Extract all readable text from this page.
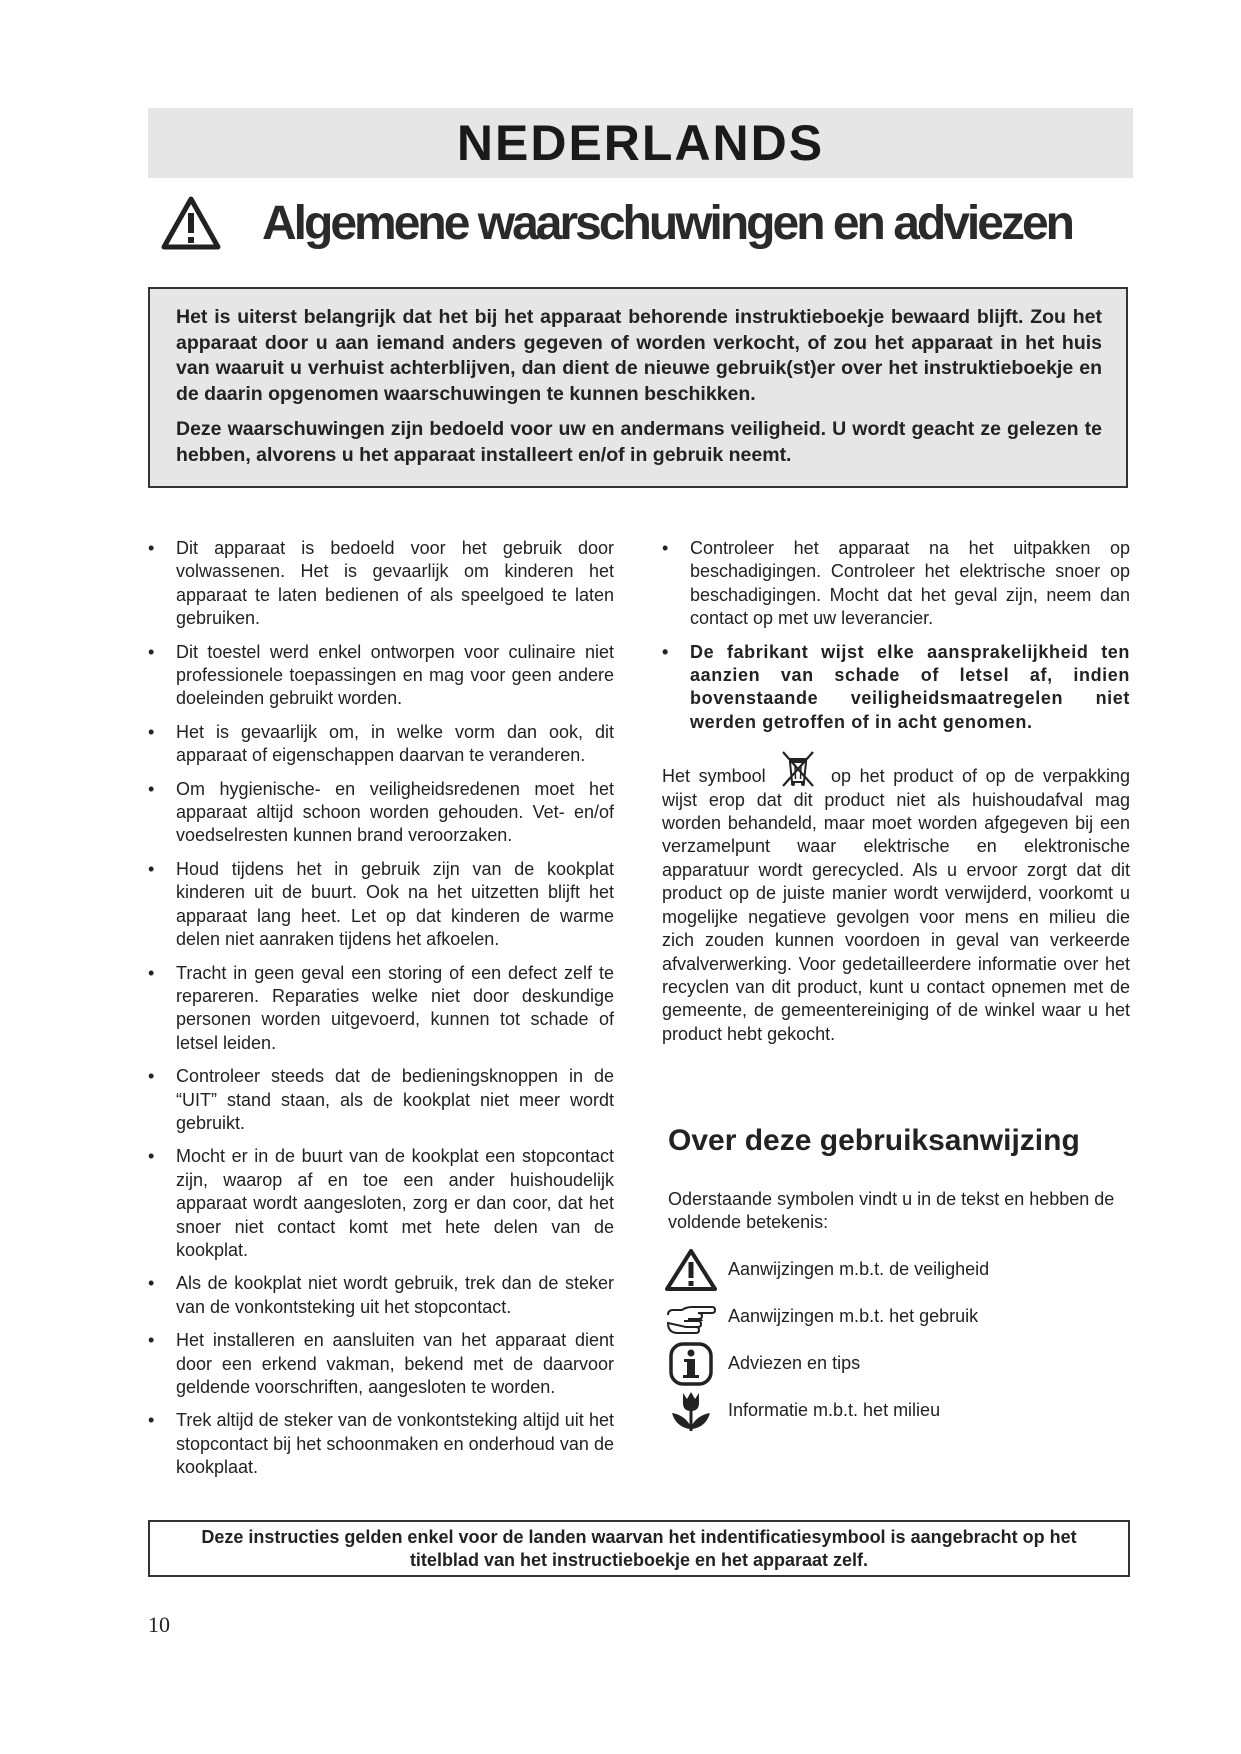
NEDERLANDS
Algemene waarschuwingen en adviezen

Het is uiterst belangrijk dat het bij het apparaat behorende instruktieboekje bewaard blijft. Zou het apparaat door u aan iemand anders gegeven of worden verkocht, of zou het apparaat in het huis van waaruit u verhuist achterblijven, dan dient de nieuwe gebruik(st)er over het instruktieboekje en de daarin opgenomen waarschuwingen te kunnen beschikken.

Deze waarschuwingen zijn bedoeld voor uw en andermans veiligheid. U wordt geacht ze gelezen te hebben, alvorens u het apparaat installeert en/of in gebruik neemt.

• Dit apparaat is bedoeld voor het gebruik door volwassenen. Het is gevaarlijk om kinderen het apparaat te laten bedienen of als speelgoed te laten gebruiken.
• Dit toestel werd enkel ontworpen voor culinaire niet professionele toepassingen en mag voor geen andere doeleinden gebruikt worden.
• Het is gevaarlijk om, in welke vorm dan ook, dit apparaat of eigenschappen daarvan te veranderen.
• Om hygienische- en veiligheidsredenen moet het apparaat altijd schoon worden gehouden. Vet- en/of voedselresten kunnen brand veroorzaken.
• Houd tijdens het in gebruik zijn van de kookplat kinderen uit de buurt. Ook na het uitzetten blijft het apparaat lang heet. Let op dat kinderen de warme delen niet aanraken tijdens het afkoelen.
• Tracht in geen geval een storing of een defect zelf te repareren. Reparaties welke niet door deskundige personen worden uitgevoerd, kunnen tot schade of letsel leiden.
• Controleer steeds dat de bedieningsknoppen in de “UIT” stand staan, als de kookplat niet meer wordt gebruikt.
• Mocht er in de buurt van de kookplat een stopcontact zijn, waarop af en toe een ander huishoudelijk apparaat wordt aangesloten, zorg er dan coor, dat het snoer niet contact komt met hete delen van de kookplat.
• Als de kookplat niet wordt gebruik, trek dan de steker van de vonkontsteking uit het stopcontact.
• Het installeren en aansluiten van het apparaat dient door een erkend vakman, bekend met de daarvoor geldende voorschriften, aangesloten te worden.
• Trek altijd de steker van de vonkontsteking altijd uit het stopcontact bij het schoonmaken en onderhoud van de kookplaat.
• Controleer het apparaat na het uitpakken op beschadigingen. Controleer het elektrische snoer op beschadigingen. Mocht dat het geval zijn, neem dan contact op met uw leverancier.
• De fabrikant wijst elke aansprakelijkheid ten aanzien van schade of letsel af, indien bovenstaande veiligheidsmaatregelen niet werden getroffen of in acht genomen.

Het symbool	op het product of op de verpakking wijst erop dat dit product niet als huishoudafval mag worden behandeld, maar moet worden afgegeven bij een verzamelpunt waar elektrische en elektronische apparatuur wordt gerecycled. Als u ervoor zorgt dat dit product op de juiste manier wordt verwijderd, voorkomt u mogelijke negatieve gevolgen voor mens en milieu die zich zouden kunnen voordoen in geval van verkeerde afvalverwerking. Voor gedetailleerdere informatie over het recyclen van dit product, kunt u contact opnemen met de gemeente, de gemeentereiniging of de winkel waar u het product hebt gekocht.

Over deze gebruiksanwijzing

Oderstaande symbolen vindt u in de tekst en hebben de voldende betekenis:

Aanwijzingen m.b.t. de veiligheid
Aanwijzingen m.b.t. het gebruik
Adviezen en tips
Informatie m.b.t. het milieu
Deze instructies gelden enkel voor de landen waarvan het indentificatiesymbool is aangebracht op het titelblad van het instructieboekje en het apparaat zelf.
10
